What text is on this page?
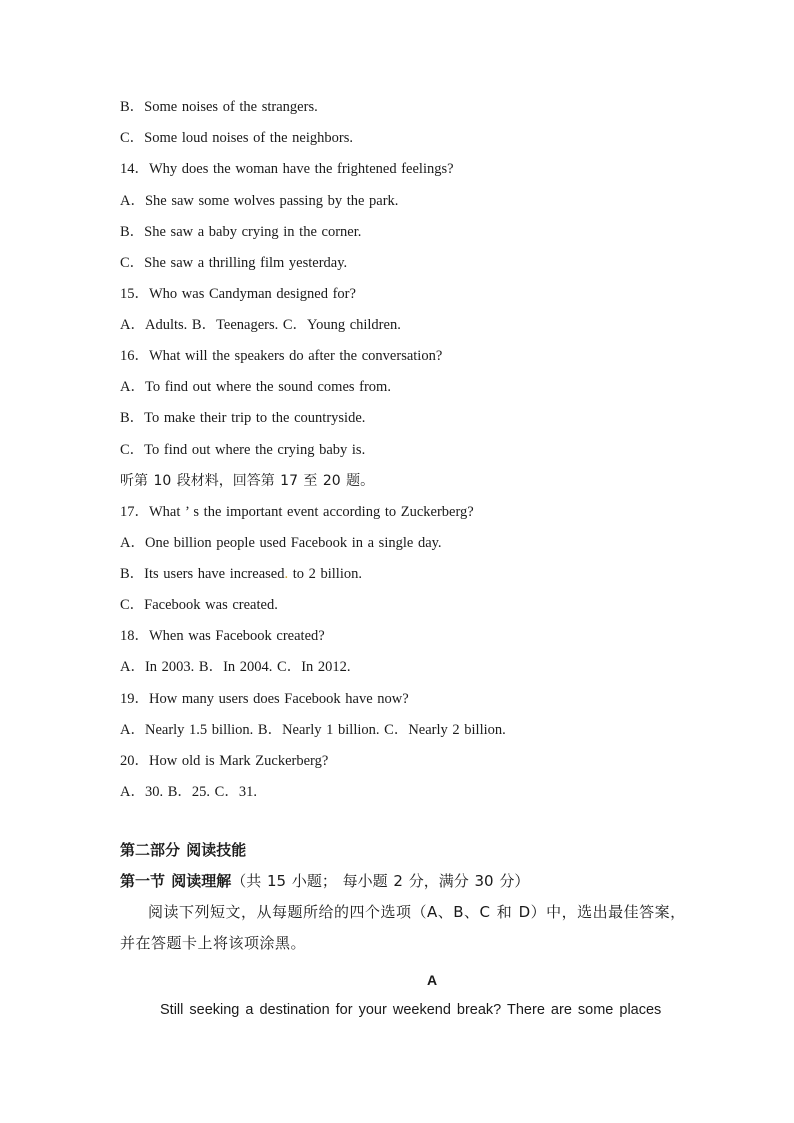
B．Some noises of the strangers.
C．Some loud noises of the neighbors.
14．Why does the woman have the frightened feelings?
A．She saw some wolves passing by the park.
B．She saw a baby crying in the corner.
C．She saw a thrilling film yesterday.
15．Who was Candyman designed for?
A．Adults. B．Teenagers. C．Young children.
16．What will the speakers do after the conversation?
A．To find out where the sound comes from.
B．To make their trip to the countryside.
C．To find out where the crying baby is.
听第 10 段材料，回答第 17 至 20 题。
17．What ’ s the important event according to Zuckerberg?
A．One billion people used Facebook in a single day.
B．Its users have increased. to 2 billion.
C．Facebook was created.
18．When was Facebook created?
A．In 2003. B．In 2004. C．In 2012.
19．How many users does Facebook have now?
A．Nearly 1.5 billion. B．Nearly 1 billion. C．Nearly 2 billion.
20．How old is Mark Zuckerberg?
A．30. B．25. C．31.
第二部分 阅读技能
第一节 阅读理解（共 15 小题； 每小题 2 分，满分 30 分）
阅读下列短文，从每题所给的四个选项（A、B、C 和 D）中，选出最佳答案，
并在答题卡上将该项涂黑。
A
Still seeking a destination for your weekend break? There are some places
